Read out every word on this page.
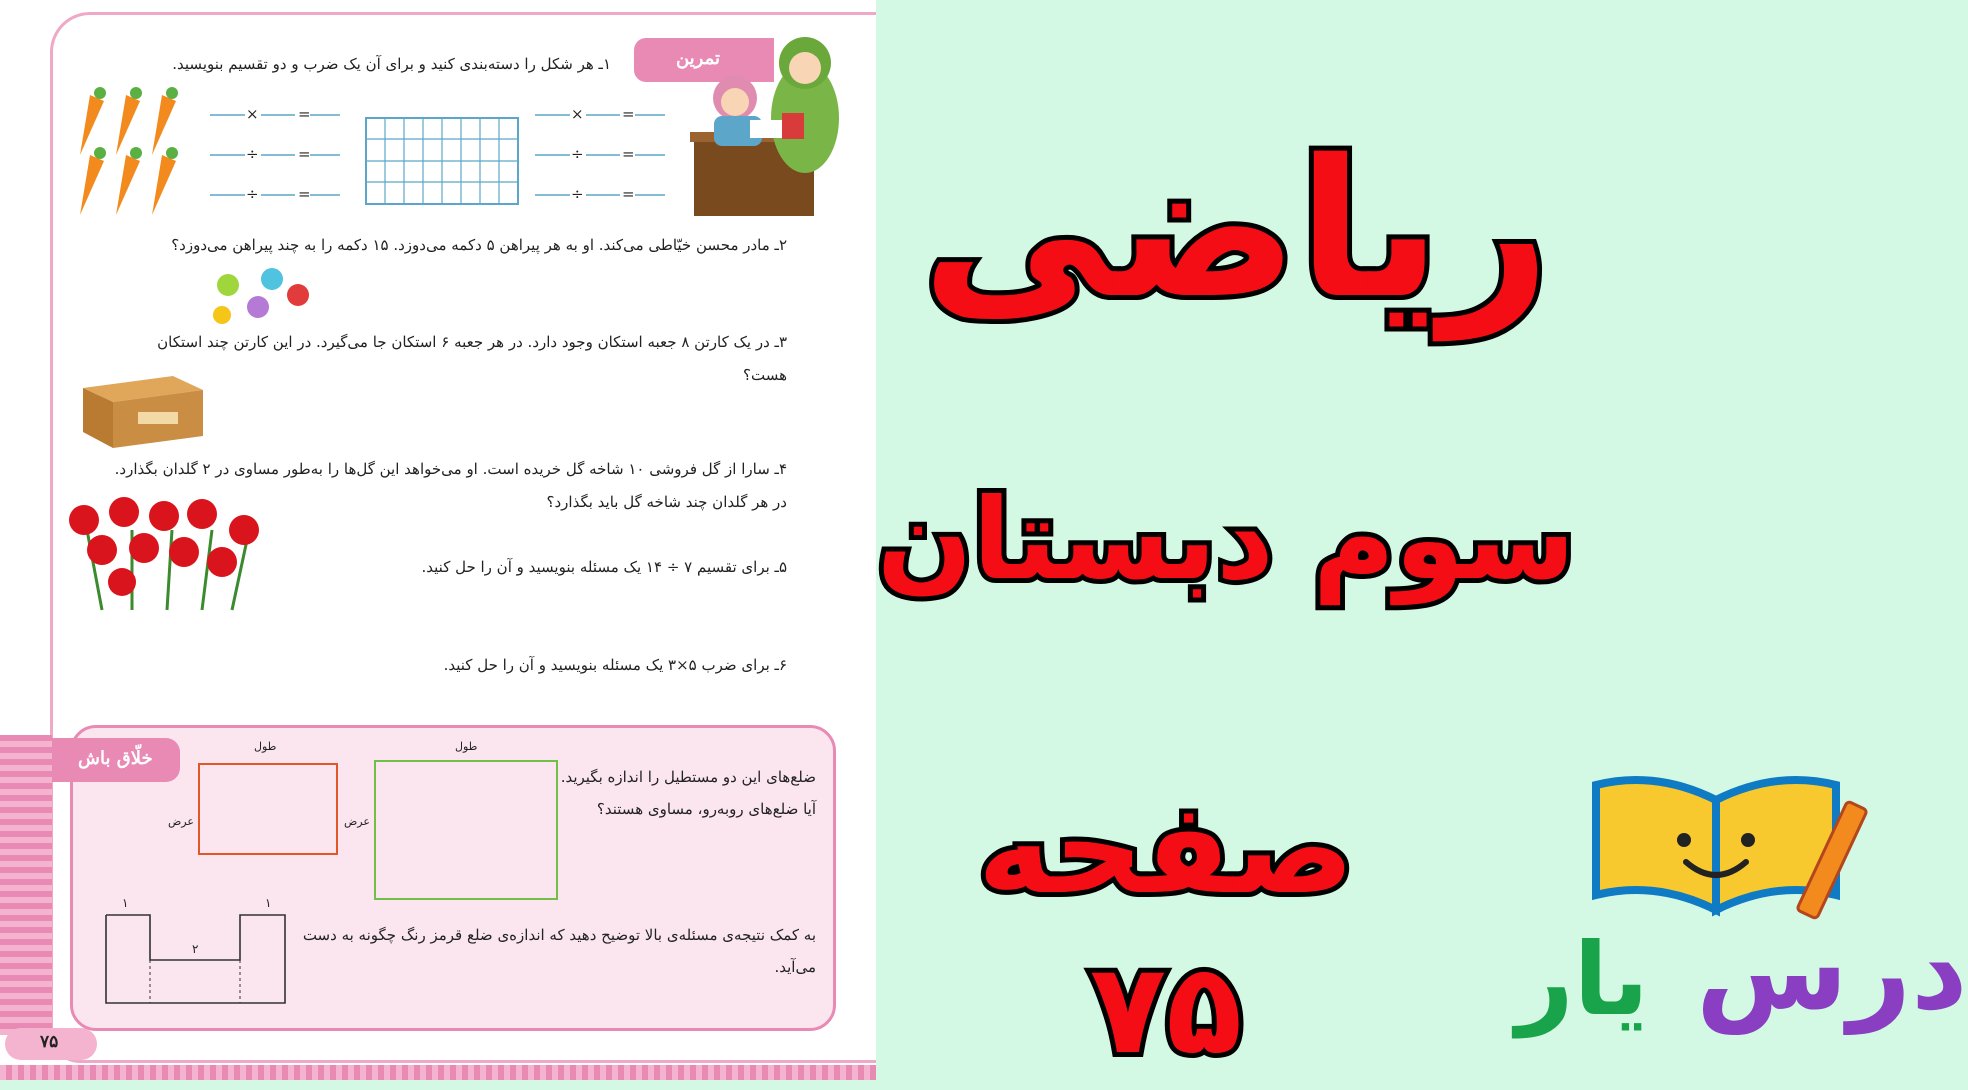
تمرین
۱ـ هر شکل را دسته‌بندی کنید و برای آن یک ضرب و دو تقسیم بنویسید.
×	=
÷	=
÷	=
×	=
÷	=
÷	=
۲ـ مادر محسن خیّاطی می‌کند. او به هر پیراهن ۵ دکمه می‌دوزد. ۱۵ دکمه را به چند پیراهن می‌دوزد؟
۳ـ در یک کارتن ۸ جعبه استکان وجود دارد. در هر جعبه ۶ استکان جا می‌گیرد. در این کارتن چند استکان
هست؟
۴ـ سارا از گل فروشی ۱۰ شاخه گل خریده است. او می‌خواهد این گل‌ها را به‌طور مساوی در ۲ گلدان بگذارد.
در هر گلدان چند شاخه گل باید بگذارد؟
۵ـ برای تقسیم ۷ ÷ ۱۴ یک مسئله بنویسید و آن را حل کنید.
۶ـ برای ضرب ۵×۳ یک مسئله بنویسید و آن را حل کنید.
خلّاق باش
ضلع‌های این دو مستطیل را اندازه بگیرید.
آیا ضلع‌های روبه‌رو، مساوی هستند؟
به کمک نتیجه‌ی مسئله‌ی بالا توضیح دهید که اندازه‌ی ضلع قرمز رنگ چگونه به دست
می‌آید.
طول
عرض
طول
عرض
۱	۱
۲
۷۵
ریاضی
سوم دبستان
صفحه ۷۵	درس
یار
